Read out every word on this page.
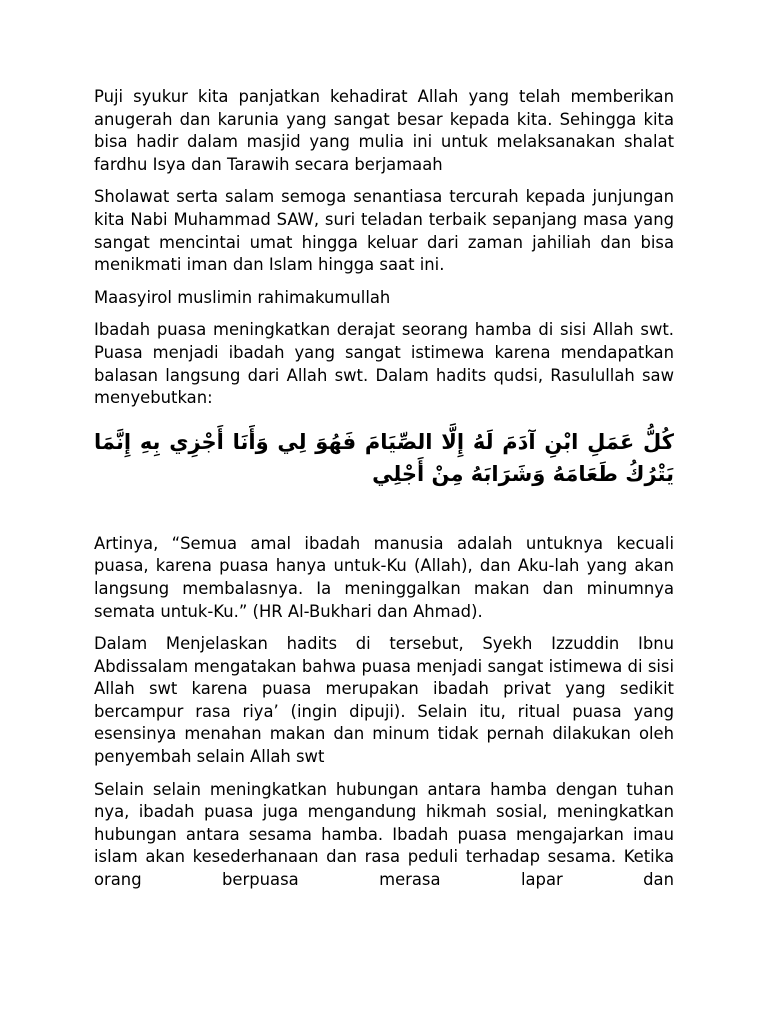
Puji syukur kita panjatkan kehadirat Allah yang telah memberikan anugerah dan karunia yang sangat besar kepada kita. Sehingga kita bisa hadir dalam masjid yang mulia ini untuk melaksanakan shalat fardhu Isya dan Tarawih secara berjamaah

Sholawat serta salam semoga senantiasa tercurah kepada junjungan kita Nabi Muhammad SAW, suri teladan terbaik sepanjang masa yang sangat mencintai umat hingga keluar dari zaman jahiliah dan bisa menikmati iman dan Islam hingga saat ini.

Maasyirol muslimin rahimakumullah

Ibadah puasa meningkatkan derajat seorang hamba di sisi Allah swt. Puasa menjadi ibadah yang sangat istimewa karena mendapatkan balasan langsung dari Allah swt. Dalam hadits qudsi, Rasulullah saw menyebutkan:

كُلُّ عَمَلِ ابْنِ آدَمَ لَهُ إِلَّا الصِّيَامَ فَهُوَ لِي وَأَنَا أَجْزِي بِهِ إِنَّمَا يَتْرُكُ طَعَامَهُ وَشَرَابَهُ مِنْ أَجْلِي

Artinya, “Semua amal ibadah manusia adalah untuknya kecuali puasa, karena puasa hanya untuk-Ku (Allah), dan Aku-lah yang akan langsung membalasnya. Ia meninggalkan makan dan minumnya semata untuk-Ku.” (HR Al-Bukhari dan Ahmad).

Dalam Menjelaskan hadits di tersebut, Syekh Izzuddin Ibnu Abdissalam mengatakan bahwa puasa menjadi sangat istimewa di sisi Allah swt karena puasa merupakan ibadah privat yang sedikit bercampur rasa riya’ (ingin dipuji). Selain itu, ritual puasa yang esensinya menahan makan dan minum tidak pernah dilakukan oleh penyembah selain Allah swt

Selain selain meningkatkan hubungan antara hamba dengan tuhan nya, ibadah puasa juga mengandung hikmah sosial, meningkatkan hubungan antara sesama hamba. Ibadah puasa mengajarkan imau islam akan kesederhanaan dan rasa peduli terhadap sesama. Ketika orang berpuasa merasa lapar dan
